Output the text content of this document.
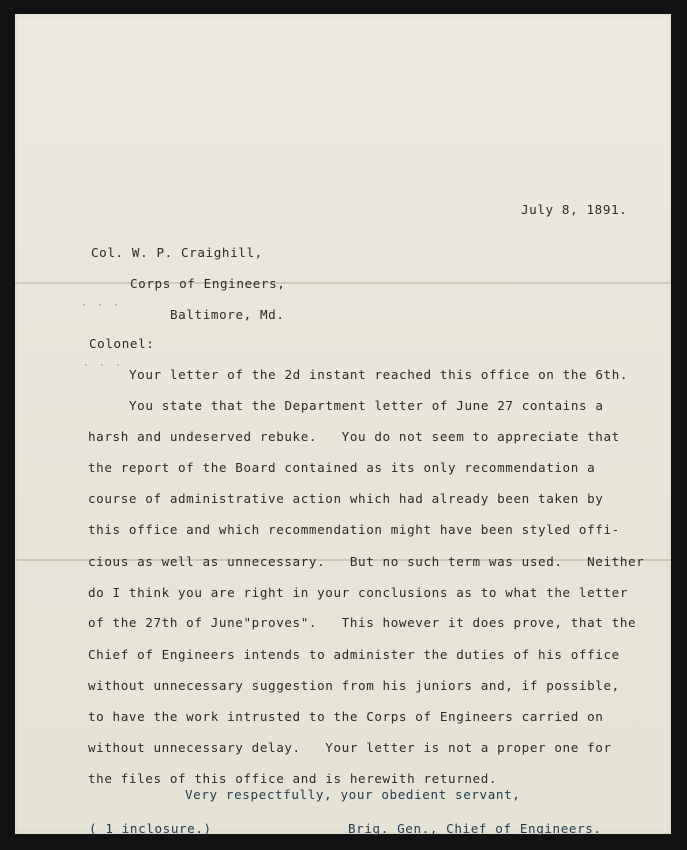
July 8, 1891.
Col. W. P. Craighill,
Corps of Engineers,
Baltimore, Md.
Colonel:
· · ·
· · ·
Your letter of the 2d instant reached this office on the 6th.
You state that the Department letter of June 27 contains a
harsh and undeserved rebuke.   You do not seem to appreciate that
the report of the Board contained as its only recommendation a
course of administrative action which had already been taken by
this office and which recommendation might have been styled offi-
cious as well as unnecessary.   But no such term was used.   Neither
do I think you are right in your conclusions as to what the letter
of the 27th of June"proves".   This however it does prove, that the
Chief of Engineers intends to administer the duties of his office
without unnecessary suggestion from his juniors and, if possible,
to have the work intrusted to the Corps of Engineers carried on
without unnecessary delay.   Your letter is not a proper one for
the files of this office and is herewith returned.
Very respectfully, your obedient servant,
( 1 inclosure.)	Brig. Gen., Chief of Engineers.
